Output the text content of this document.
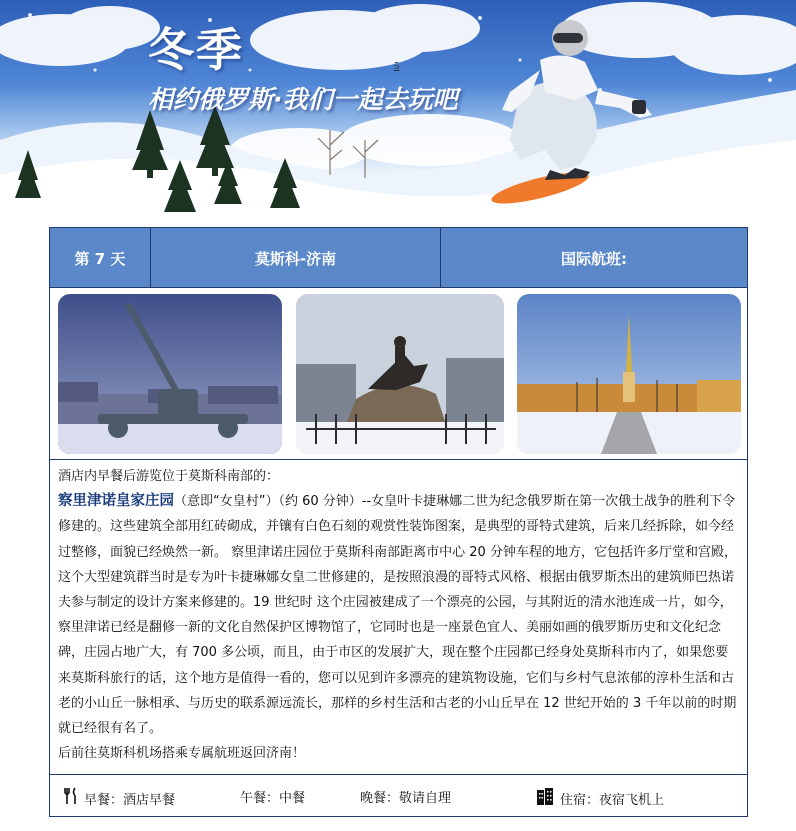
冬季
相约俄罗斯·我们一起去玩吧
5
第 7 天	莫斯科-济南	国际航班:

酒店内早餐后游览位于莫斯科南部的：

察里津诺皇家庄园（意即“女皇村”）（约 60 分钟）--女皇叶卡捷琳娜二世为纪念俄罗斯在第一次俄土战争的胜利下令修建的。这些建筑全部用红砖砌成，并镶有白色石刻的观赏性装饰图案，是典型的哥特式建筑，后来几经拆除，如今经过整修，面貌已经焕然一新。 察里津诺庄园位于莫斯科南部距离市中心 20 分钟车程的地方，它包括许多厅堂和宫殿，这个大型建筑群当时是专为叶卡捷琳娜女皇二世修建的，是按照浪漫的哥特式风格、根据由俄罗斯杰出的建筑师巴热诺夫参与制定的设计方案来修建的。19 世纪时 这个庄园被建成了一个漂亮的公园，与其附近的清水池连成一片，如今，察里津诺已经是翻修一新的文化自然保护区博物馆了，它同时也是一座景色宜人、美丽如画的俄罗斯历史和文化纪念碑，庄园占地广大，有 700 多公顷，而且，由于市区的发展扩大，现在整个庄园都已经身处莫斯科市内了，如果您要来莫斯科旅行的话，这个地方是值得一看的，您可以见到许多漂亮的建筑物设施，它们与乡村气息浓郁的淳朴生活和古老的小山丘一脉相承、与历史的联系源远流长，那样的乡村生活和古老的小山丘早在 12 世纪开始的 3 千年以前的时期就已经很有名了。

后前往莫斯科机场搭乘专属航班返回济南！

早餐：酒店早餐	午餐：中餐	晚餐：敬请自理	住宿：夜宿飞机上
